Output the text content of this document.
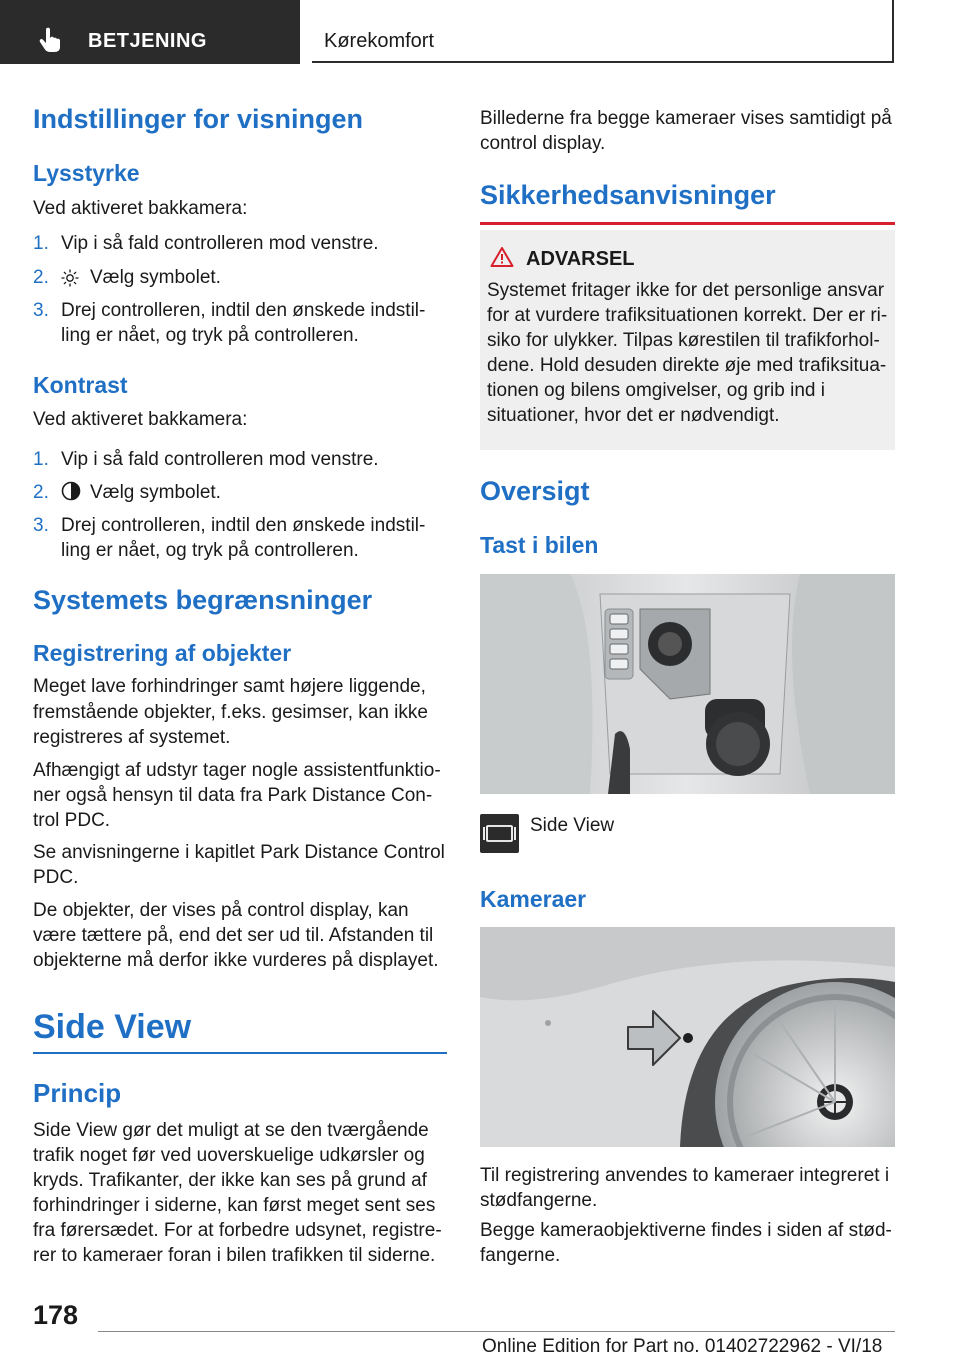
BETJENING	Kørekomfort
Indstillinger for visningen
Lysstyrke

Ved aktiveret bakkamera:

1. Vip i så fald controlleren mod venstre.

2. Vælg symbolet.

3. Drej controlleren, indtil den ønskede indstil-

ling er nået, og tryk på controlleren.

Kontrast

Ved aktiveret bakkamera:

1. Vip i så fald controlleren mod venstre.

2. Vælg symbolet.

3. Drej controlleren, indtil den ønskede indstil-

ling er nået, og tryk på controlleren.

Systemets begrænsninger
Registrering af objekter

Meget lave forhindringer samt højere liggende,

fremstående objekter, f.eks. gesimser, kan ikke

registreres af systemet.

Afhængigt af udstyr tager nogle assistentfunktio-

ner også hensyn til data fra Park Distance Con-

trol PDC.

Se anvisningerne i kapitlet Park Distance Control

PDC.

De objekter, der vises på control display, kan

være tættere på, end det ser ud til. Afstanden til

objekterne må derfor ikke vurderes på displayet.

Side View
Princip

Side View gør det muligt at se den tværgående

trafik noget før ved uoverskuelige udkørsler og

kryds. Trafikanter, der ikke kan ses på grund af

forhindringer i siderne, kan først meget sent ses

fra førersædet. For at forbedre udsynet, registre-

rer to kameraer foran i bilen trafikken til siderne.

Billederne fra begge kameraer vises samtidigt på

control display.

Sikkerhedsanvisninger
ADVARSEL
Systemet fritager ikke for det personlige ansvar
for at vurdere trafiksituationen korrekt. Der er ri-
siko for ulykker. Tilpas kørestilen til trafikforhol-
dene. Hold desuden direkte øje med trafiksitua-
tionen og bilens omgivelser, og grib ind i
situationer, hvor det er nødvendigt.
Oversigt
Tast i bilen

Side View

Kameraer

Til registrering anvendes to kameraer integreret i

stødfangerne.

Begge kameraobjektiverne findes i siden af stød-

fangerne.

178
Online Edition for Part no. 01402722962 - VI/18
